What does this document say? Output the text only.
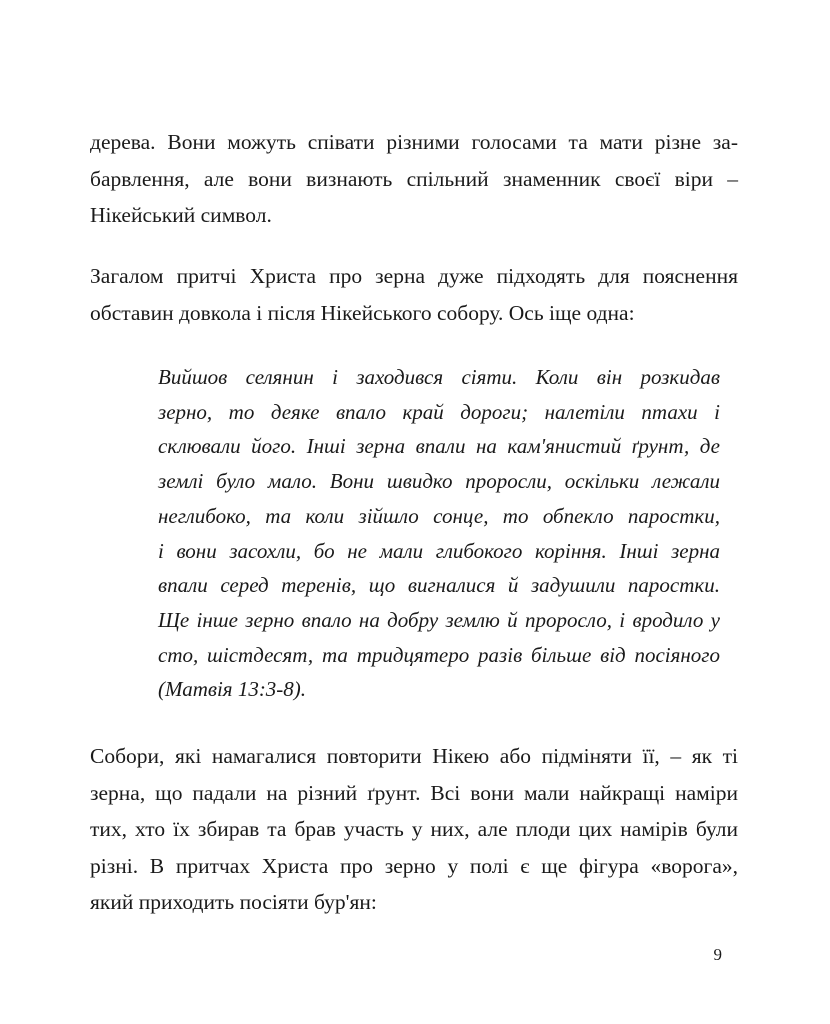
дерева. Вони можуть співати різними голосами та мати різне за-
барвлення, але вони визнають спільний знаменник своєї віри –
Нікейський символ.
Загалом притчі Христа про зерна дуже підходять для пояснення
обставин довкола і після Нікейського собору. Ось іще одна:
Вийшов селянин і заходився сіяти. Коли він розкидав
зерно, то деяке впало край дороги; налетіли птахи і
склювали його. Інші зерна впали на кам'янистий ґрунт, де
землі було мало. Вони швидко проросли, оскільки лежали
неглибоко, та коли зійшло сонце, то обпекло паростки,
і вони засохли, бо не мали глибокого коріння. Інші зерна
впали серед теренів, що вигналися й задушили паростки.
Ще інше зерно впало на добру землю й проросло, і вродило у
сто, шістдесят, та тридцятеро разів більше від посіяного
(Матвія 13:3-8).
Собори, які намагалися повторити Нікею або підміняти її, – як ті
зерна, що падали на різний ґрунт. Всі вони мали найкращі наміри
тих, хто їх збирав та брав участь у них, але плоди цих намірів були
різні. В притчах Христа про зерно у полі є ще фігура «ворога»,
який приходить посіяти бур'ян:
9
